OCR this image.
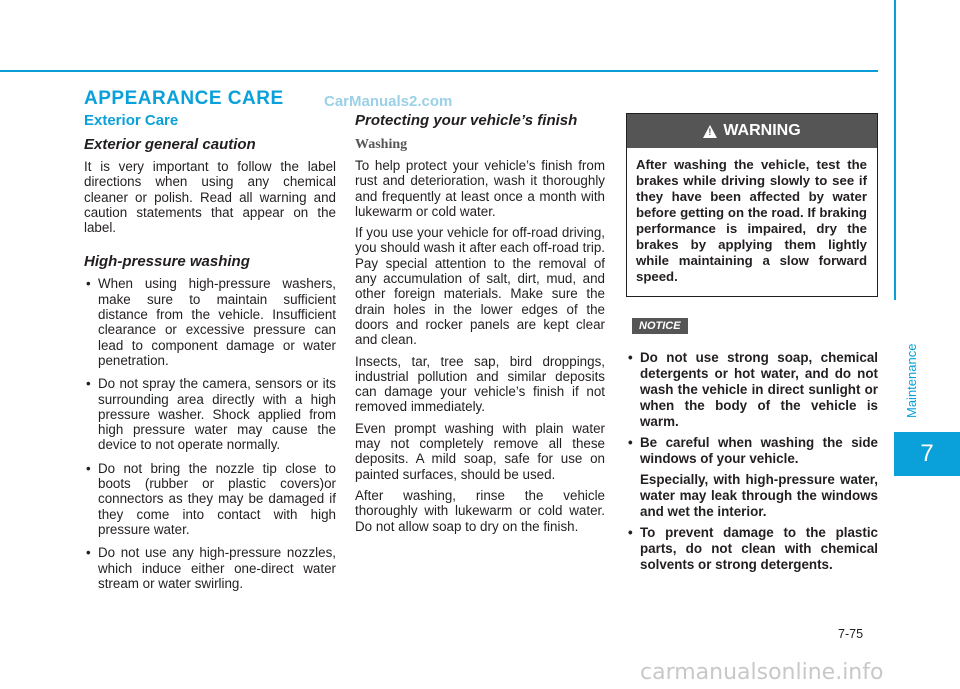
APPEARANCE CARE	CarManuals2.com
Exterior Care
Exterior general caution

It is very important to follow the label directions when using any chemical cleaner or polish. Read all warning and caution statements that appear on the label.

High-pressure washing
• When using high-pressure washers, make sure to maintain sufficient distance from the vehicle. Insufficient clearance or excessive pressure can lead to component damage or water penetration.
• Do not spray the camera, sensors or its surrounding area directly with a high pressure washer. Shock applied from high pressure water may cause the device to not operate normally.
• Do not bring the nozzle tip close to boots (rubber or plastic covers)or connectors as they may be damaged if they come into contact with high pressure water.
• Do not use any high-pressure nozzles, which induce either one-direct water stream or water swirling.
Protecting your vehicle’s finish
Washing

To help protect your vehicle’s finish from rust and deterioration, wash it thoroughly and frequently at least once a month with lukewarm or cold water.

If you use your vehicle for off-road driving, you should wash it after each off-road trip. Pay special attention to the removal of any accumulation of salt, dirt, mud, and other foreign materials. Make sure the drain holes in the lower edges of the doors and rocker panels are kept clear and clean.

Insects, tar, tree sap, bird droppings, industrial pollution and similar deposits can damage your vehicle’s finish if not removed immediately.

Even prompt washing with plain water may not completely remove all these deposits. A mild soap, safe for use on painted surfaces, should be used.

After washing, rinse the vehicle thoroughly with lukewarm or cold water. Do not allow soap to dry on the finish.

!
WARNING
After washing the vehicle, test the brakes while driving slowly to see if they have been affected by water before getting on the road. If braking performance is impaired, dry the brakes by applying them lightly while maintaining a slow forward speed.
NOTICE
• Do not use strong soap, chemical detergents or hot water, and do not wash the vehicle in direct sunlight or when the body of the vehicle is warm.
• Be careful when washing the side windows of your vehicle.
Especially, with high-pressure water, water may leak through the windows and wet the interior.
• To prevent damage to the plastic parts, do not clean with chemical solvents or strong detergents.
Maintenance
7
7-75
carmanualsonline.info
